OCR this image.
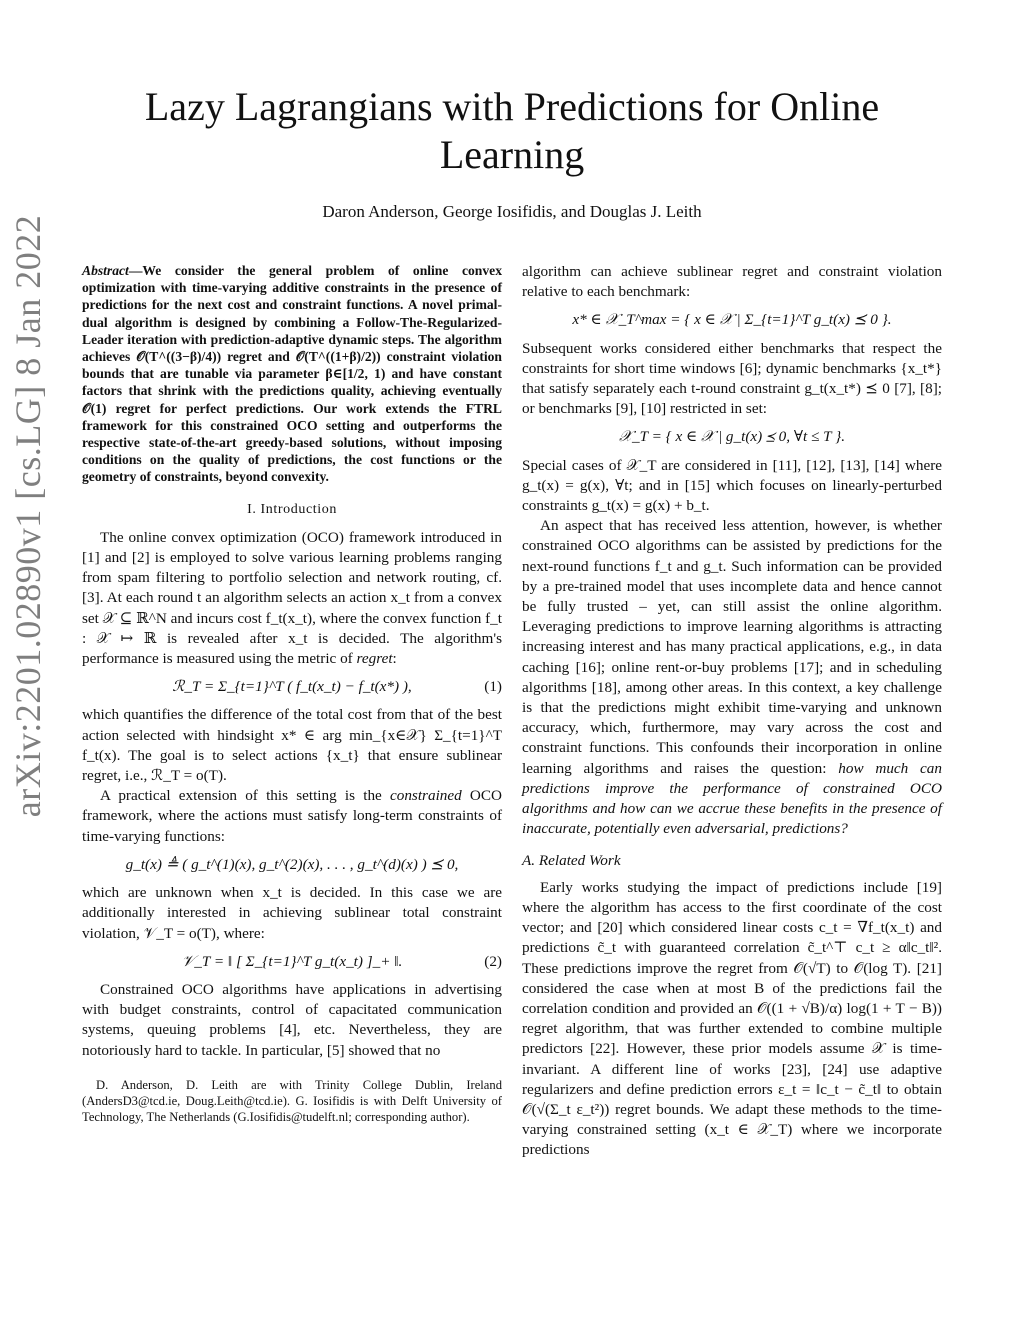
arXiv:2201.02890v1 [cs.LG] 8 Jan 2022
Lazy Lagrangians with Predictions for Online Learning
Daron Anderson, George Iosifidis, and Douglas J. Leith

Abstract—We consider the general problem of online convex optimization with time-varying additive constraints in the presence of predictions for the next cost and constraint functions. A novel primal-dual algorithm is designed by combining a Follow-The-Regularized-Leader iteration with prediction-adaptive dynamic steps. The algorithm achieves 𝒪(T^((3−β)/4)) regret and 𝒪(T^((1+β)/2)) constraint violation bounds that are tunable via parameter β∈[1/2, 1) and have constant factors that shrink with the predictions quality, achieving eventually 𝒪(1) regret for perfect predictions. Our work extends the FTRL framework for this constrained OCO setting and outperforms the respective state-of-the-art greedy-based solutions, without imposing conditions on the quality of predictions, the cost functions or the geometry of constraints, beyond convexity.

I. Introduction

The online convex optimization (OCO) framework introduced in [1] and [2] is employed to solve various learning problems ranging from spam filtering to portfolio selection and network routing, cf. [3]. At each round t an algorithm selects an action x_t from a convex set 𝒳 ⊆ ℝ^N and incurs cost f_t(x_t), where the convex function f_t : 𝒳 ↦ ℝ is revealed after x_t is decided. The algorithm's performance is measured using the metric of regret:

ℛ_T = Σ_{t=1}^T ( f_t(x_t) − f_t(x*) ),	(1)

which quantifies the difference of the total cost from that of the best action selected with hindsight x* ∈ arg min_{x∈𝒳} Σ_{t=1}^T f_t(x). The goal is to select actions {x_t} that ensure sublinear regret, i.e., ℛ_T = o(T).

A practical extension of this setting is the constrained OCO framework, where the actions must satisfy long-term constraints of time-varying functions:

g_t(x) ≜ ( g_t^(1)(x), g_t^(2)(x), . . . , g_t^(d)(x) ) ⪯ 0,

which are unknown when x_t is decided. In this case we are additionally interested in achieving sublinear total constraint violation, 𝒱_T = o(T), where:

𝒱_T = ‖ [ Σ_{t=1}^T g_t(x_t) ]_+ ‖.	(2)

Constrained OCO algorithms have applications in advertising with budget constraints, control of capacitated communication systems, queuing problems [4], etc. Nevertheless, they are notoriously hard to tackle. In particular, [5] showed that no

D. Anderson, D. Leith are with Trinity College Dublin, Ireland (AndersD3@tcd.ie, Doug.Leith@tcd.ie). G. Iosifidis is with Delft University of Technology, The Netherlands (G.Iosifidis@tudelft.nl; corresponding author).

algorithm can achieve sublinear regret and constraint violation relative to each benchmark:

x* ∈ 𝒳_T^max = { x ∈ 𝒳 | Σ_{t=1}^T g_t(x) ⪯ 0 }.

Subsequent works considered either benchmarks that respect the constraints for short time windows [6]; dynamic benchmarks {x_t*} that satisfy separately each t-round constraint g_t(x_t*) ⪯ 0 [7], [8]; or benchmarks [9], [10] restricted in set:

𝒳_T = { x ∈ 𝒳 | g_t(x) ⪯ 0, ∀t ≤ T }.

Special cases of 𝒳_T are considered in [11], [12], [13], [14] where g_t(x) = g(x), ∀t; and in [15] which focuses on linearly-perturbed constraints g_t(x) = g(x) + b_t.

An aspect that has received less attention, however, is whether constrained OCO algorithms can be assisted by predictions for the next-round functions f_t and g_t. Such information can be provided by a pre-trained model that uses incomplete data and hence cannot be fully trusted – yet, can still assist the online algorithm. Leveraging predictions to improve learning algorithms is attracting increasing interest and has many practical applications, e.g., in data caching [16]; online rent-or-buy problems [17]; and in scheduling algorithms [18], among other areas. In this context, a key challenge is that the predictions might exhibit time-varying and unknown accuracy, which, furthermore, may vary across the cost and constraint functions. This confounds their incorporation in online learning algorithms and raises the question: how much can predictions improve the performance of constrained OCO algorithms and how can we accrue these benefits in the presence of inaccurate, potentially even adversarial, predictions?

A. Related Work

Early works studying the impact of predictions include [19] where the algorithm has access to the first coordinate of the cost vector; and [20] which considered linear costs c_t = ∇f_t(x_t) and predictions c̃_t with guaranteed correlation c̃_t^⊤ c_t ≥ α‖c_t‖². These predictions improve the regret from 𝒪(√T) to 𝒪(log T). [21] considered the case when at most B of the predictions fail the correlation condition and provided an 𝒪((1 + √B)/α) log(1 + T − B)) regret algorithm, that was further extended to combine multiple predictors [22]. However, these prior models assume 𝒳 is time-invariant. A different line of works [23], [24] use adaptive regularizers and define prediction errors ε_t = ‖c_t − c̃_t‖ to obtain 𝒪(√(Σ_t ε_t²)) regret bounds. We adapt these methods to the time-varying constrained setting (x_t ∈ 𝒳_T) where we incorporate predictions
